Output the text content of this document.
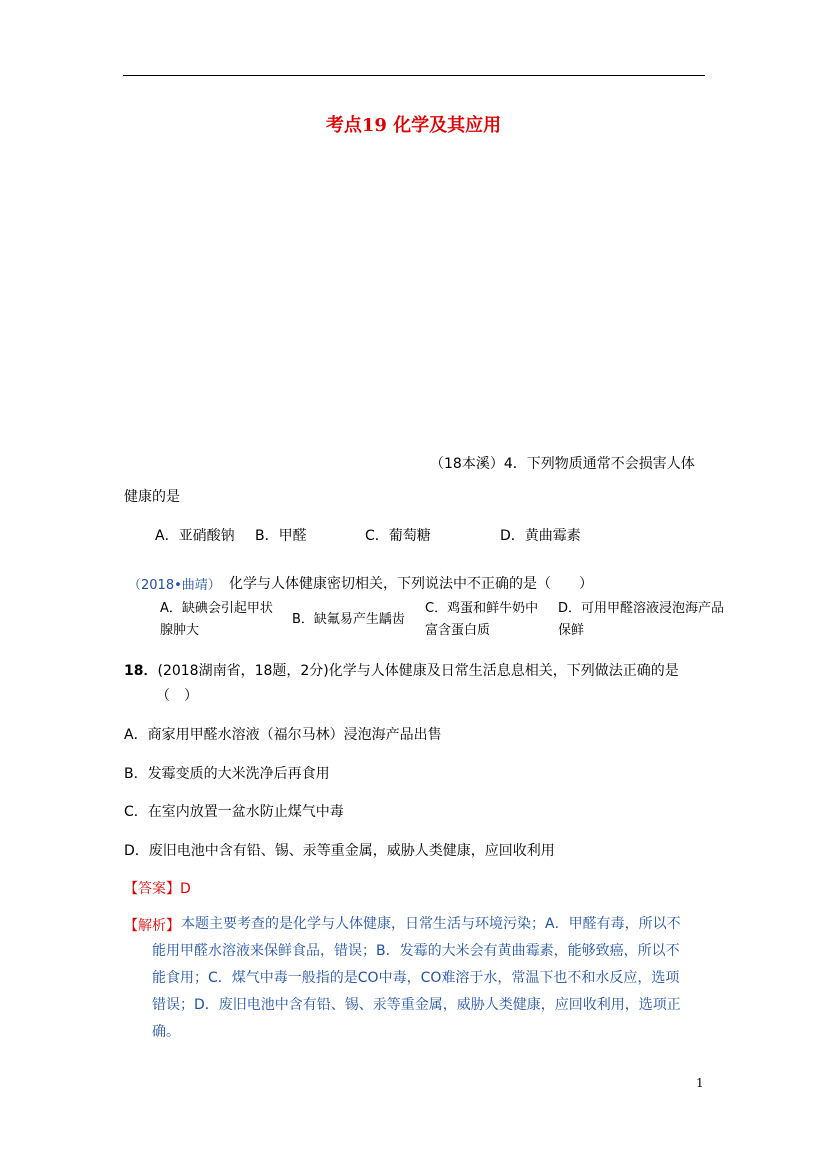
考点19 化学及其应用
（18本溪）4．下列物质通常不会损害人体
健康的是
A．亚硝酸钠 B．甲醛	C．葡萄糖	D．黄曲霉素
（2018•曲靖） 化学与人体健康密切相关，下列说法中不正确的是（　　）
A．缺碘会引起甲状
腺肿大
B．缺氟易产生龋齿
C．鸡蛋和鲜牛奶中
富含蛋白质
D．可用甲醛溶液浸泡海产品
保鲜
18．(2018湖南省，18题，2分)化学与人体健康及日常生活息息相关，下列做法正确的是
（　）
A．商家用甲醛水溶液（福尔马林）浸泡海产品出售
B．发霉变质的大米洗净后再食用
C．在室内放置一盆水防止煤气中毒
D．废旧电池中含有铅、锡、汞等重金属，威胁人类健康，应回收利用
【答案】D
【解析】 本题主要考查的是化学与人体健康，日常生活与环境污染；A．甲醛有毒，所以不
能用甲醛水溶液来保鲜食品，错误；B．发霉的大米会有黄曲霉素，能够致癌，所以不
能食用；C．煤气中毒一般指的是CO中毒，CO难溶于水，常温下也不和水反应，选项
错误；D．废旧电池中含有铅、锡、汞等重金属，威胁人类健康，应回收利用，选项正
确。
1
